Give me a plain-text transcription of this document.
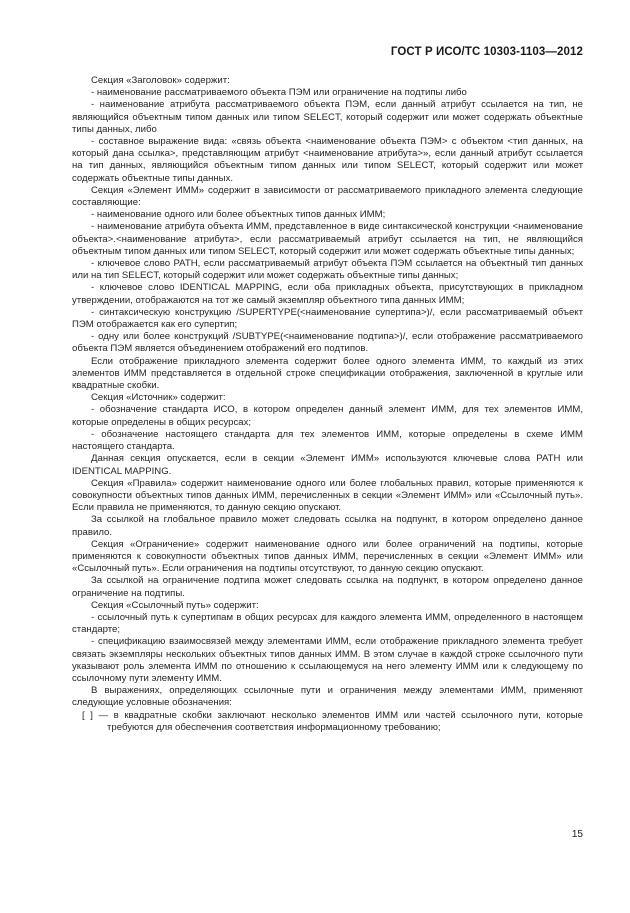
ГОСТ Р ИСО/ТС 10303-1103—2012

Секция «Заголовок» содержит:

- наименование рассматриваемого объекта ПЭМ или ограничение на подтипы либо

- наименование атрибута рассматриваемого объекта ПЭМ, если данный атрибут ссылается на тип, не являющийся объектным типом данных или типом SELECT, который содержит или может содержать объектные типы данных, либо

- составное выражение вида: «связь объекта <наименование объекта ПЭМ> с объектом <тип данных, на который дана ссылка>, представляющим атрибут <наименование атрибута>», если данный атрибут ссылается на тип данных, являющийся объектным типом данных или типом SELECT, который содержит или может содержать объектные типы данных.

Секция «Элемент ИММ» содержит в зависимости от рассматриваемого прикладного элемента следующие составляющие:

- наименование одного или более объектных типов данных ИММ;

- наименование атрибута объекта ИММ, представленное в виде синтаксической конструкции <наименование объекта>.<наименование атрибута>, если рассматриваемый атрибут ссылается на тип, не являющийся объектным типом данных или типом SELECT, который содержит или может содержать объектные типы данных;

- ключевое слово PATH, если рассматриваемый атрибут объекта ПЭМ ссылается на объектный тип данных или на тип SELECT, который содержит или может содержать объектные типы данных;

- ключевое слово IDENTICAL MAPPING, если оба прикладных объекта, присутствующих в прикладном утверждении, отображаются на тот же самый экземпляр объектного типа данных ИММ;

- синтаксическую конструкцию /SUPERTYPE(<наименование супертипа>)/, если рассматриваемый объект ПЭМ отображается как его супертип;

- одну или более конструкций /SUBTYPE(<наименование подтипа>)/, если отображение рассматриваемого объекта ПЭМ является объединением отображений его подтипов.

Если отображение прикладного элемента содержит более одного элемента ИММ, то каждый из этих элементов ИММ представляется в отдельной строке спецификации отображения, заключенной в круглые или квадратные скобки.

Секция «Источник» содержит:

- обозначение стандарта ИСО, в котором определен данный элемент ИММ, для тех элементов ИММ, которые определены в общих ресурсах;

- обозначение настоящего стандарта для тех элементов ИММ, которые определены в схеме ИММ настоящего стандарта.

Данная секция опускается, если в секции «Элемент ИММ» используются ключевые слова PATH или IDENTICAL MAPPING.

Секция «Правила» содержит наименование одного или более глобальных правил, которые применяются к совокупности объектных типов данных ИММ, перечисленных в секции «Элемент ИММ» или «Ссылочный путь». Если правила не применяются, то данную секцию опускают.

За ссылкой на глобальное правило может следовать ссылка на подпункт, в котором определено данное правило.

Секция «Ограничение» содержит наименование одного или более ограничений на подтипы, которые применяются к совокупности объектных типов данных ИММ, перечисленных в секции «Элемент ИММ» или «Ссылочный путь». Если ограничения на подтипы отсутствуют, то данную секцию опускают.

За ссылкой на ограничение подтипа может следовать ссылка на подпункт, в котором определено данное ограничение на подтипы.

Секция «Ссылочный путь» содержит:

- ссылочный путь к супертипам в общих ресурсах для каждого элемента ИММ, определенного в настоящем стандарте;

- спецификацию взаимосвязей между элементами ИММ, если отображение прикладного элемента требует связать экземпляры нескольких объектных типов данных ИММ. В этом случае в каждой строке ссылочного пути указывают роль элемента ИММ по отношению к ссылающемуся на него элементу ИММ или к следующему по ссылочному пути элементу ИММ.

В выражениях, определяющих ссылочные пути и ограничения между элементами ИММ, применяют следующие условные обозначения:

[ ] — в квадратные скобки заключают несколько элементов ИММ или частей ссылочного пути, которые требуются для обеспечения соответствия информационному требованию;

15
